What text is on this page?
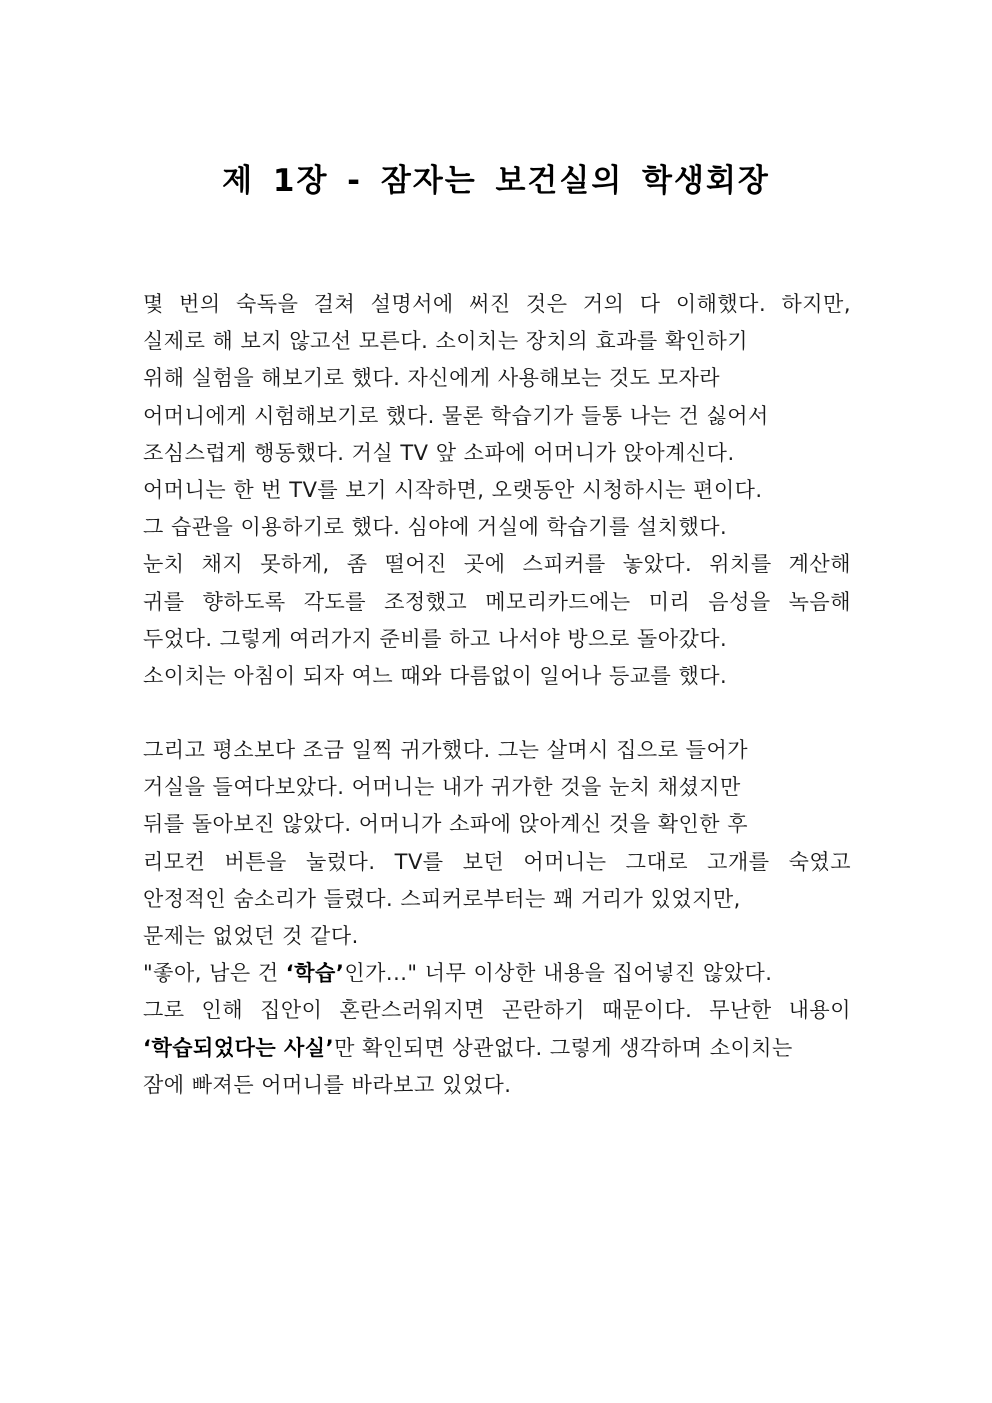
제 1장 - 잠자는 보건실의 학생회장
몇 번의 숙독을 걸쳐 설명서에 써진 것은 거의 다 이해했다. 하지만,
실제로 해 보지 않고선 모른다. 소이치는 장치의 효과를 확인하기
위해 실험을 해보기로 했다. 자신에게 사용해보는 것도 모자라
어머니에게 시험해보기로 했다. 물론 학습기가 들통 나는 건 싫어서
조심스럽게 행동했다. 거실 TV 앞 소파에 어머니가 앉아계신다.
어머니는 한 번 TV를 보기 시작하면, 오랫동안 시청하시는 편이다.
그 습관을 이용하기로 했다. 심야에 거실에 학습기를 설치했다.
눈치 채지 못하게, 좀 떨어진 곳에 스피커를 놓았다. 위치를 계산해
귀를 향하도록 각도를 조정했고 메모리카드에는 미리 음성을 녹음해
두었다. 그렇게 여러가지 준비를 하고 나서야 방으로 돌아갔다.
소이치는 아침이 되자 여느 때와 다름없이 일어나 등교를 했다.
그리고 평소보다 조금 일찍 귀가했다. 그는 살며시 집으로 들어가
거실을 들여다보았다. 어머니는 내가 귀가한 것을 눈치 채셨지만
뒤를 돌아보진 않았다. 어머니가 소파에 앉아계신 것을 확인한 후
리모컨 버튼을 눌렀다. TV를 보던 어머니는 그대로 고개를 숙였고
안정적인 숨소리가 들렸다. 스피커로부터는 꽤 거리가 있었지만,
문제는 없었던 것 같다.
"좋아, 남은 건 ‘학습’인가..." 너무 이상한 내용을 집어넣진 않았다.
그로 인해 집안이 혼란스러워지면 곤란하기 때문이다. 무난한 내용이
‘학습되었다는 사실’만 확인되면 상관없다. 그렇게 생각하며 소이치는
잠에 빠져든 어머니를 바라보고 있었다.
